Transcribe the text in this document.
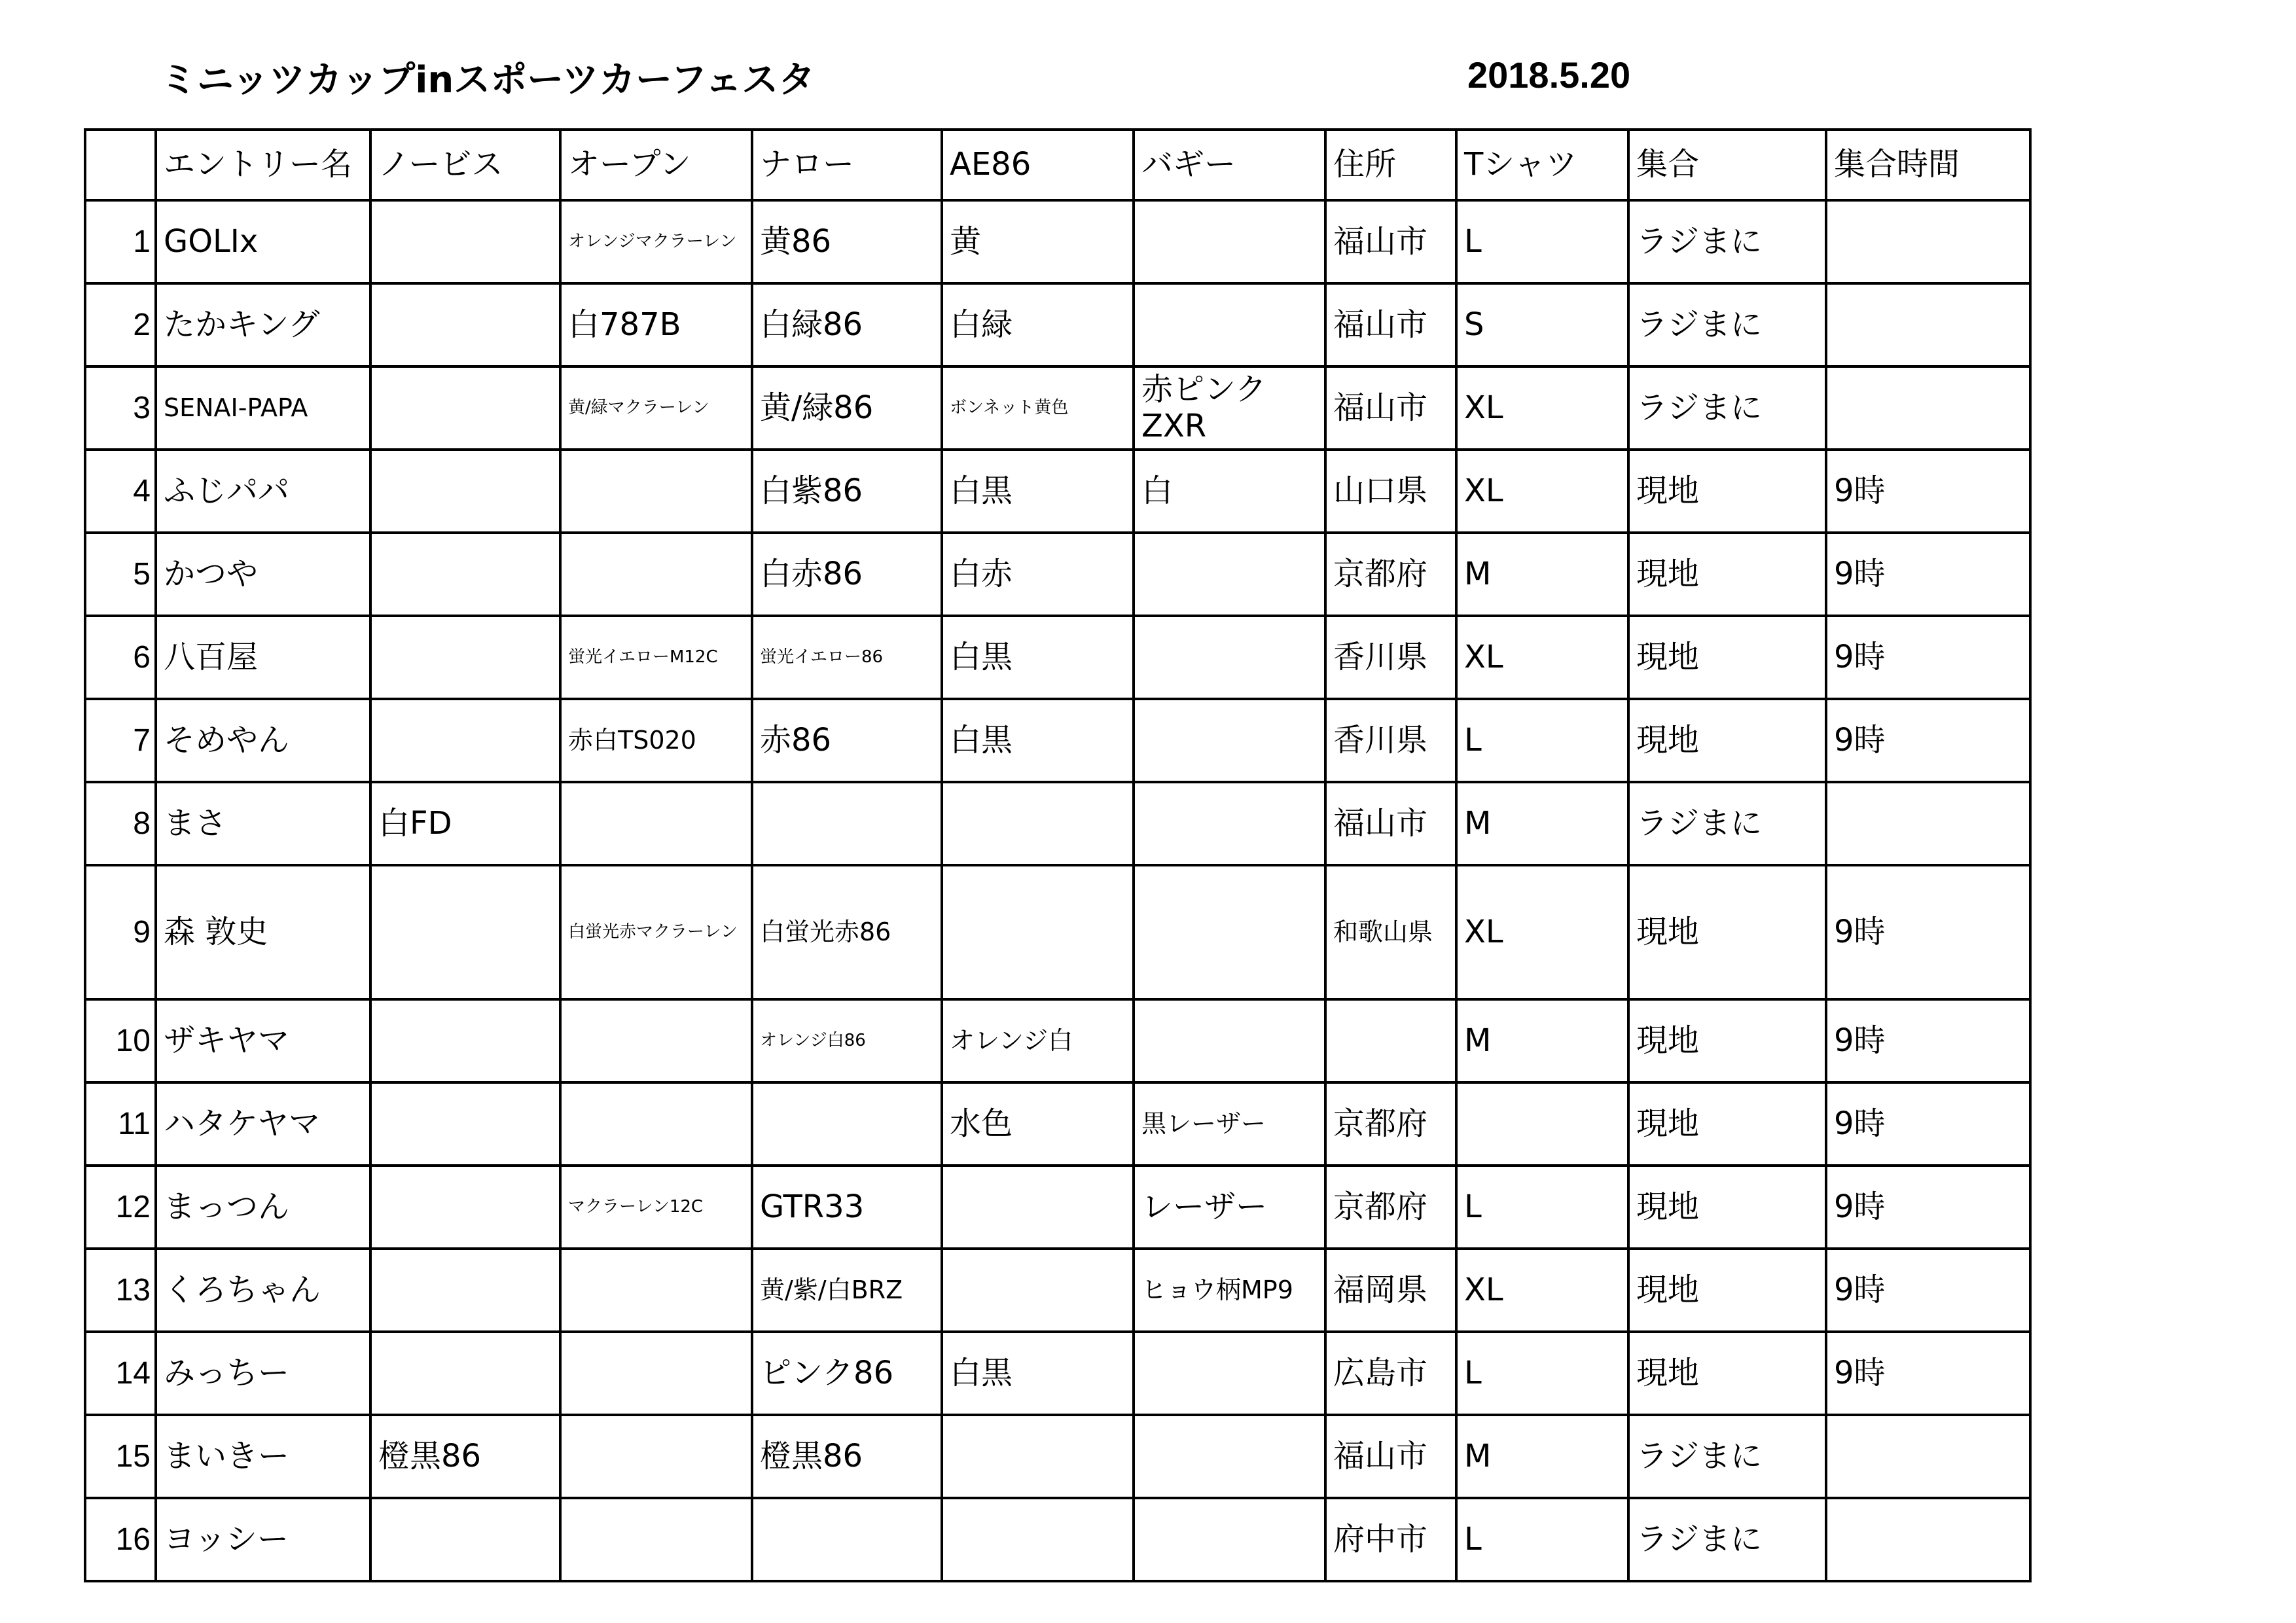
ミニッツカップinスポーツカーフェスタ	2018.5.20
	エントリー名	ノービス	オープン	ナロー	AE86	バギー	住所	Tシャツ	集合	集合時間
1	GOLIx		オレンジマクラーレン	黄86	黄		福山市	L	ラジまに	
2	たかキング		白787B	白緑86	白緑		福山市	S	ラジまに	
3	SENAI-PAPA		黄/緑マクラーレン	黄/緑86	ボンネット黄色	赤ピンク ZXR	福山市	XL	ラジまに	
4	ふじパパ			白紫86	白黒	白	山口県	XL	現地	9時
5	かつや			白赤86	白赤		京都府	M	現地	9時
6	八百屋		蛍光イエローM12C	蛍光イエロー86	白黒		香川県	XL	現地	9時
7	そめやん		赤白TS020	赤86	白黒		香川県	L	現地	9時
8	まさ	白FD					福山市	M	ラジまに	
9	森 敦史		白蛍光赤マクラーレン	白蛍光赤86			和歌山県	XL	現地	9時
10	ザキヤマ			オレンジ白86	オレンジ白			M	現地	9時
11	ハタケヤマ				水色	黒レーザー	京都府		現地	9時
12	まっつん		マクラーレン12C	GTR33		レーザー	京都府	L	現地	9時
13	くろちゃん			黄/紫/白BRZ		ヒョウ柄MP9	福岡県	XL	現地	9時
14	みっちー			ピンク86	白黒		広島市	L	現地	9時
15	まいきー	橙黒86		橙黒86			福山市	M	ラジまに	
16	ヨッシー						府中市	L	ラジまに	
